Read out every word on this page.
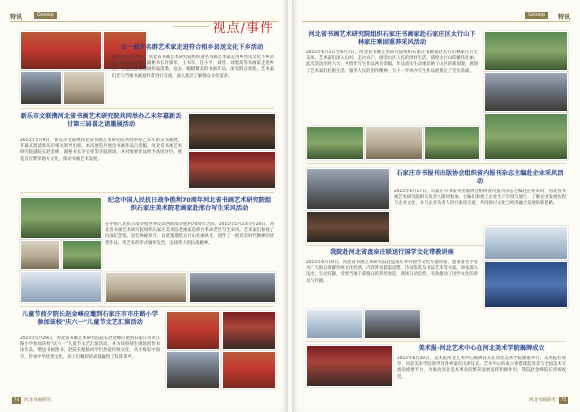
特讯	Gossip
视点/事件
五一前夕名群艺术家走进符合相乡县送文化下乡活动
2015年4月29日，河北省书画艺术研究院组织著名书画艺术家走进乡县送文化下乡活动。院长赵金峰、副秘书长许旗军、王书军、任小平、刘营、刘增高等书画家走进乡县，为基层群众现场挥毫泼墨，送去一幅幅精美的书画作品，深受群众欢迎。艺术家们还与当地书画爱好者进行交流，深入基层了解群众文化需求。
新乐市文联携河北省书画艺术研究院共同举办乙未年嘉新丢甘第三届喜之诸墨展活动
2015年5月9日，新乐市文联携河北省书画艺术研究院共同举办乙未年新乐书画展，开幕式邀请新乐市相关领导出席。本次展览共展出书画作品百余幅，河北省书画艺术研究院副院长赵金峰、副秘书长李宝祥等亲临现场，并对参展作品给予高度评价，展览旨在繁荣地方文化，推动书画艺术发展。
纪念中国人民抗日战争胜利70周年河北省书画艺术研究院组织石家庄美术院老画家赴邢台写生采风活动
在中国人民抗日战争暨世界反法西斯战争胜利70周年之际，2015年5月23日至24日，河北省书画艺术研究院组织石家庄美术院老画家赴邢台革命老区写生采风。艺术家们参观了抗战纪念馆，追忆峥嵘岁月，以笔墨描绘太行山壮丽风光，创作了一批具有时代精神的优秀作品，用艺术的形式缅怀先烈，弘扬伟大的抗战精神。
儿童节前夕院长赵金峰应邀到石家庄市市庄路小学参加该校"庆六一"儿童节文艺汇演活动
2015年5月29日，河北省书画艺术研究院院长赵金峰应邀到石家庄市市庄路小学参加该校"庆六一"儿童节文艺汇演活动，并为该校师生现场创作书法作品，赠送书画图书。赵院长勉励同学们热爱传统文化，从小练好中国字，传承中华优秀文化，孩子们精彩的表演赢得了阵阵掌声。
74 河北书画研究
特讯
Gossip
河北省书画艺术研究院组织石家庄书画家赴石家庄区太行山下林家庄乘固重养采风活动
2015年6月2日至6月7日，河北省书画艺术研究院组织石家庄书画家赴太行山林家庄写生采风。艺术家们深入山村，走访农户，感受山区人民的淳朴生活，描绘太行山的雄伟壮丽。此次活动历时六天，共创作写生作品两百余幅，作品真实生动地反映了山区的新面貌，展现了艺术家们扎根生活、服务人民的创作精神，为下一步举办写生作品展奠定了坚实基础。
石家庄市书报刊出版协会组织省内报刊杂志主编赴企业采风活动
2015年6月17日，石家庄市书报刊出版协会组织省内报刊杂志主编赴企业采风，河北省书画艺术研究院相关负责人随同参加。主编们参观了企业生产车间与展厅，了解企业发展历程与企业文化，并与企业负责人进行座谈交流，共同探讨文化与经济融合发展的新思路。
我院赴河北省盘泉庄联送行国学文化带教讲座
2015年6月19日，河北省书画艺术研究院赴盘泉庄举办国学文化专题讲座，邀请著名学者为广大群众讲解传统文化经典，内容涉及儒家思想、诗词鉴赏及书法艺术等方面。讲座深入浅出，生动有趣，受到当地干部群众的热烈欢迎，现场互动热烈，有效推动了国学文化的普及与传播。
美术报·河北艺术中心在河北美术学院揭牌成立
2015年6月20日，美术报河北艺术中心揭牌仪式在河北美术学院隆重举行。美术报社领导、河北美术学院领导及各界嘉宾出席仪式。艺术中心的成立将搭建起河北与全国美术交流的重要平台，为推动河北美术事业的繁荣发展发挥积极作用，我院赵金峰院长到场祝贺。
河北书画研究 75
